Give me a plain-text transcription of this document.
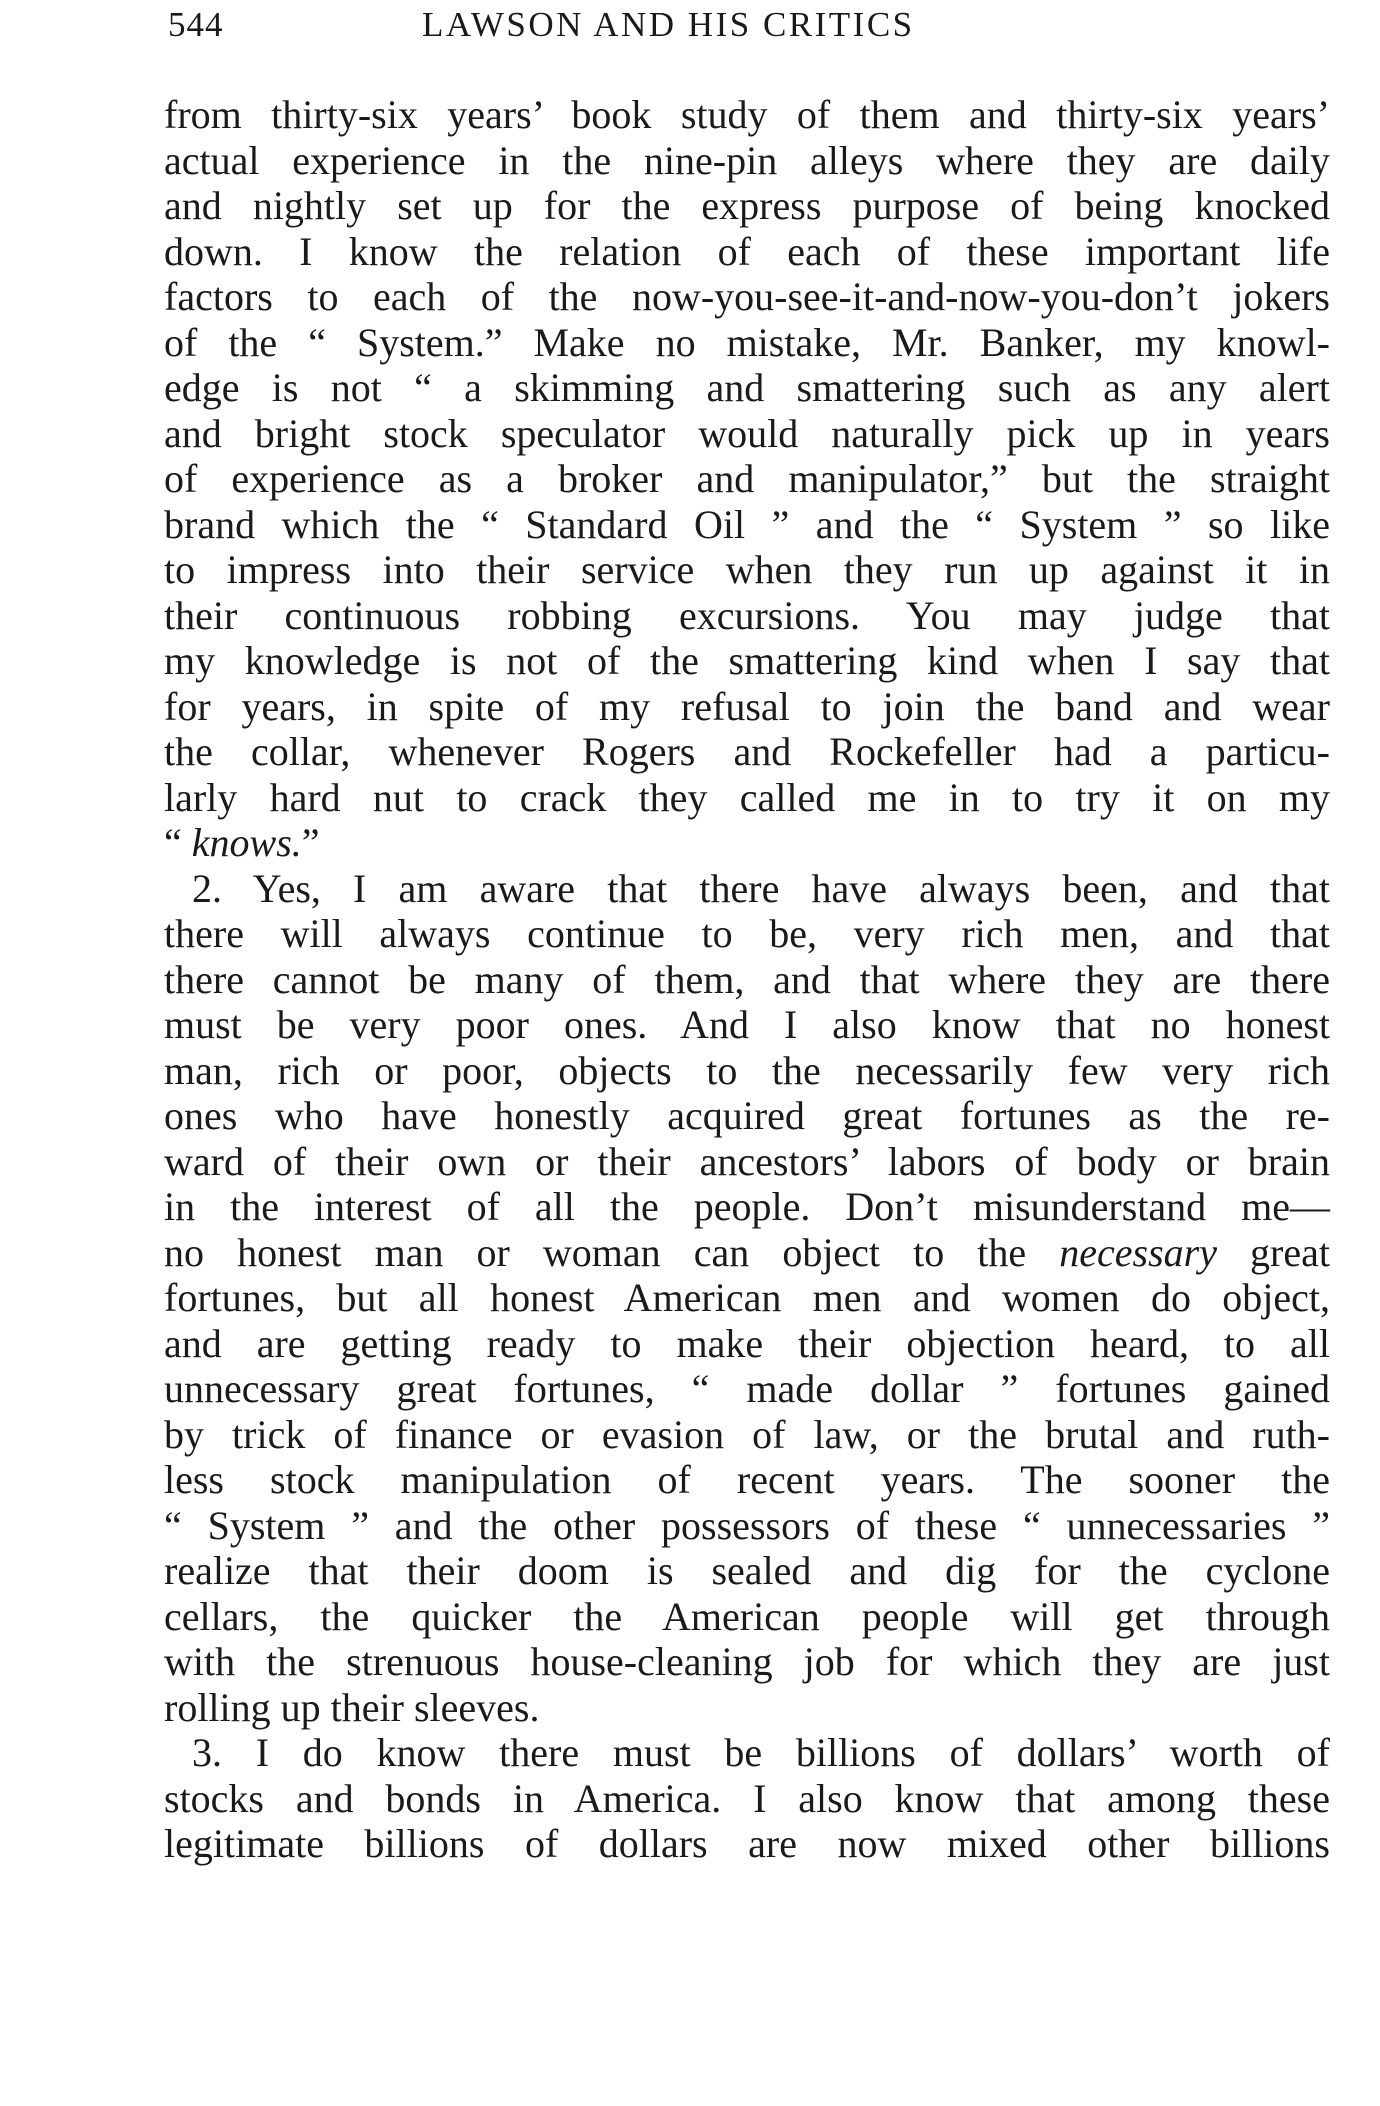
544	LAWSON AND HIS CRITICS
from thirty-six years’ book study of them and thirty-six years’
actual experience in the nine-pin alleys where they are daily
and nightly set up for the express purpose of being knocked
down. I know the relation of each of these important life
factors to each of the now-you-see-it-and-now-you-don’t jokers
of the “ System.” Make no mistake, Mr. Banker, my knowl-
edge is not “ a skimming and smattering such as any alert
and bright stock speculator would naturally pick up in years
of experience as a broker and manipulator,” but the straight
brand which the “ Standard Oil ” and the “ System ” so like
to impress into their service when they run up against it in
their continuous robbing excursions. You may judge that
my knowledge is not of the smattering kind when I say that
for years, in spite of my refusal to join the band and wear
the collar, whenever Rogers and Rockefeller had a particu-
larly hard nut to crack they called me in to try it on my
“ knows.”
2. Yes, I am aware that there have always been, and that
there will always continue to be, very rich men, and that
there cannot be many of them, and that where they are there
must be very poor ones. And I also know that no honest
man, rich or poor, objects to the necessarily few very rich
ones who have honestly acquired great fortunes as the re-
ward of their own or their ancestors’ labors of body or brain
in the interest of all the people. Don’t misunderstand me—
no honest man or woman can object to the necessary great
fortunes, but all honest American men and women do object,
and are getting ready to make their objection heard, to all
unnecessary great fortunes, “ made dollar ” fortunes gained
by trick of finance or evasion of law, or the brutal and ruth-
less stock manipulation of recent years. The sooner the
“ System ” and the other possessors of these “ unnecessaries ”
realize that their doom is sealed and dig for the cyclone
cellars, the quicker the American people will get through
with the strenuous house-cleaning job for which they are just
rolling up their sleeves.
3. I do know there must be billions of dollars’ worth of
stocks and bonds in America. I also know that among these
legitimate billions of dollars are now mixed other billions
